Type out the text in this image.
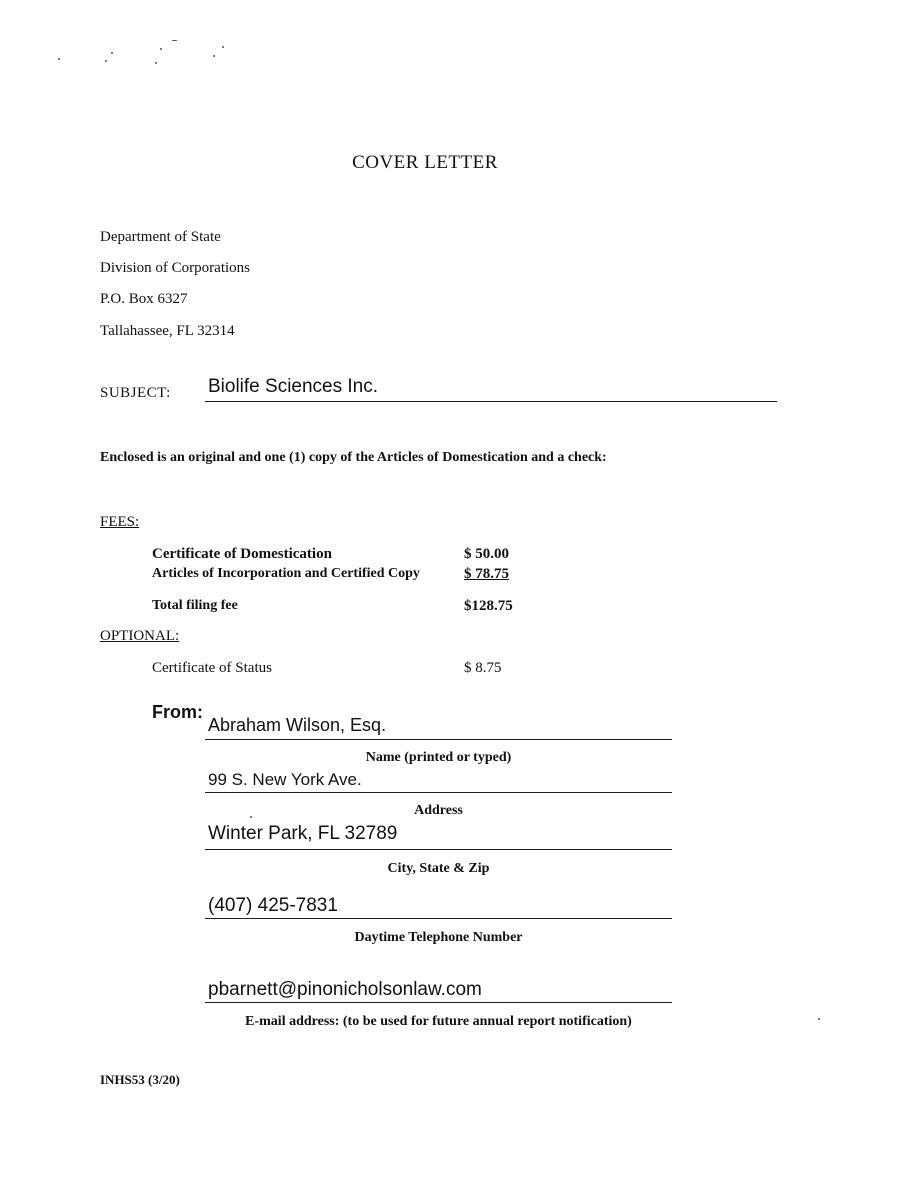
COVER LETTER
Department of State
Division of Corporations
P.O. Box 6327
Tallahassee, FL 32314
SUBJECT: Biolife Sciences Inc.
Enclosed is an original and one (1) copy of the Articles of Domestication and a check:
FEES:
Certificate of Domestication	$ 50.00
Articles of Incorporation and Certified Copy	$ 78.75
Total filing fee	$128.75
OPTIONAL:
Certificate of Status	$ 8.75
From:
Abraham Wilson, Esq.
Name (printed or typed)
99 S. New York Ave.
Address
Winter Park, FL 32789
City, State & Zip
(407) 425-7831
Daytime Telephone Number
pbarnett@pinonicholsonlaw.com
E-mail address: (to be used for future annual report notification)
INHS53 (3/20)
